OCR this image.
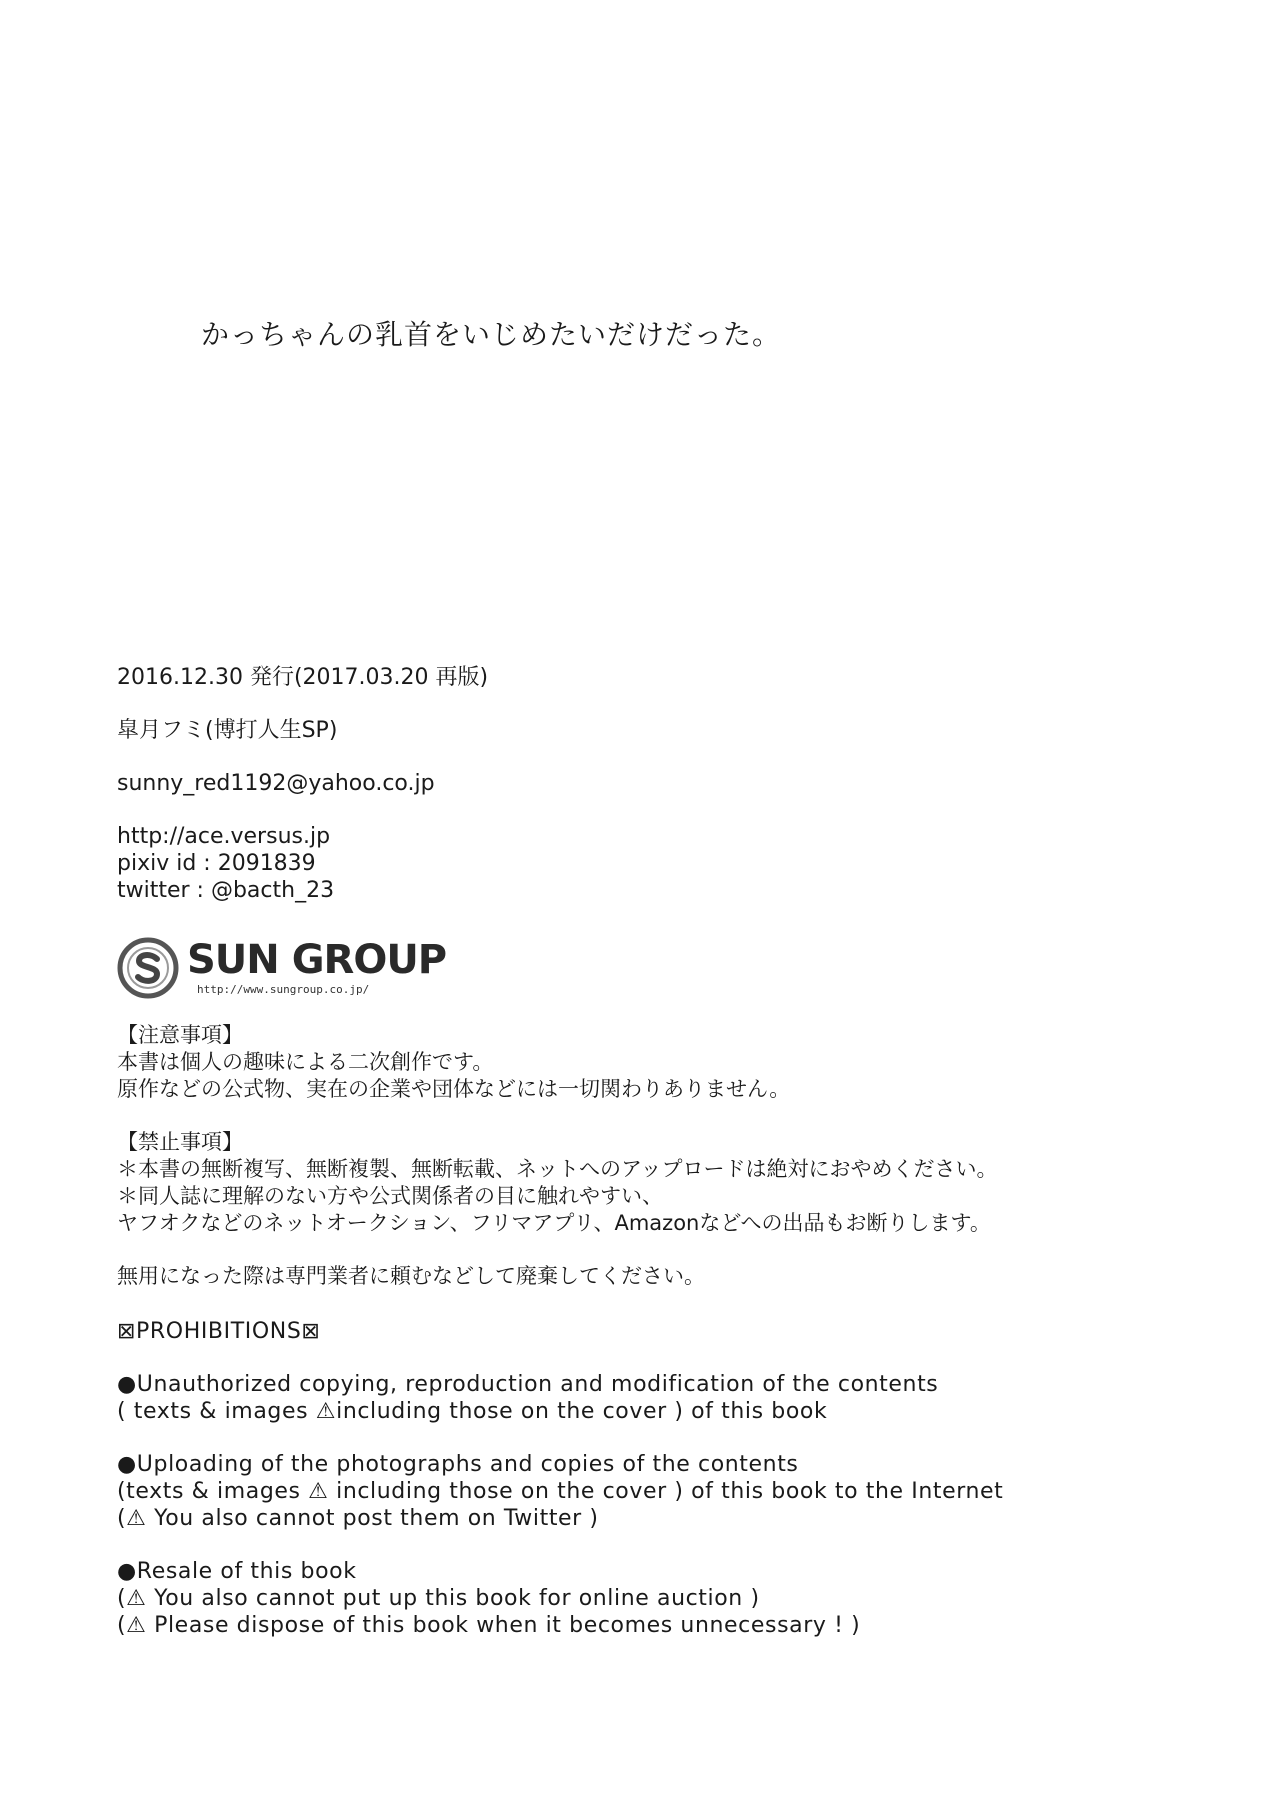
かっちゃんの乳首をいじめたいだけだった。
2016.12.30 発行(2017.03.20 再版)
皐月フミ(博打人生SP)
sunny_red1192@yahoo.co.jp
http://ace.versus.jp
pixiv id : 2091839
twitter : @bacth_23
SUN GROUP
http://www.sungroup.co.jp/
【注意事項】
本書は個人の趣味による二次創作です。
原作などの公式物、実在の企業や団体などには一切関わりありません。
【禁止事項】
＊本書の無断複写、無断複製、無断転載、ネットへのアップロードは絶対におやめください。
＊同人誌に理解のない方や公式関係者の目に触れやすい、
ヤフオクなどのネットオークション、フリマアプリ、Amazonなどへの出品もお断りします。
無用になった際は専門業者に頼むなどして廃棄してください。
⊠PROHIBITIONS⊠
●Unauthorized copying, reproduction and modification of the contents
( texts & images ⚠including those on the cover ) of this book
●Uploading of the photographs and copies of the contents
(texts & images ⚠ including those on the cover ) of this book to the Internet
(⚠ You also cannot post them on Twitter )
●Resale of this book
(⚠ You also cannot put up this book for online auction )
(⚠ Please dispose of this book when it becomes unnecessary ! )
